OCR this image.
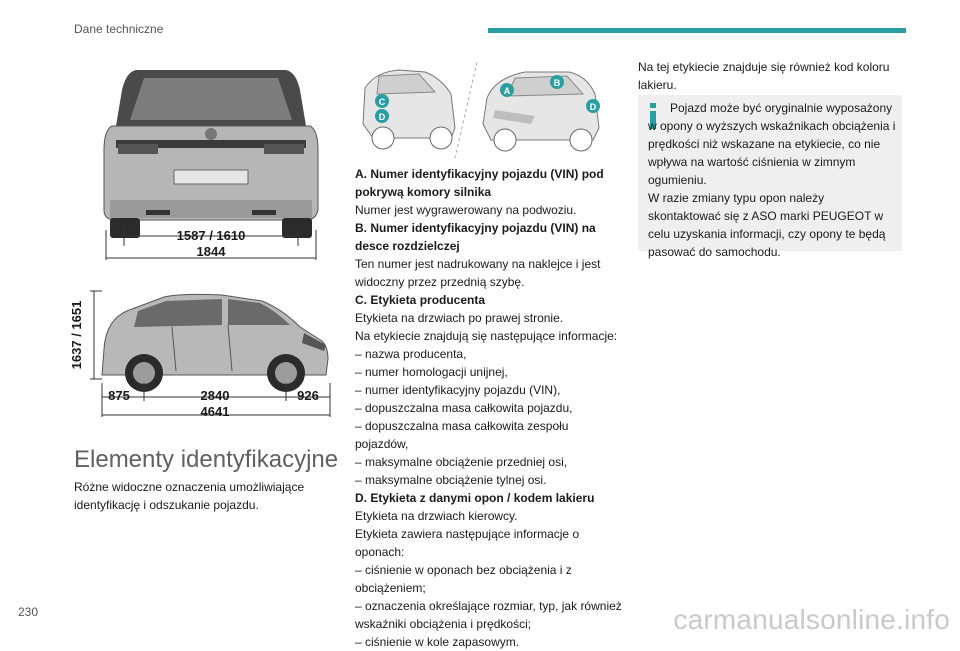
Dane techniczne
1587 / 1610
1844
1637 / 1651
875	2840	926
4641
Elementy identyfikacyjne
Różne widoczne oznaczenia umożliwiające identyfikację i odszukanie pojazdu.
C
D
A
B
D

A. Numer identyfikacyjny pojazdu (VIN) pod pokrywą komory silnika

Numer jest wygrawerowany na podwoziu.

B. Numer identyfikacyjny pojazdu (VIN) na desce rozdzielczej

Ten numer jest nadrukowany na naklejce i jest widoczny przez przednią szybę.

C. Etykieta producenta

Etykieta na drzwiach po prawej stronie.

Na etykiecie znajdują się następujące informacje:

– nazwa producenta,

– numer homologacji unijnej,

– numer identyfikacyjny pojazdu (VIN),

– dopuszczalna masa całkowita pojazdu,

– dopuszczalna masa całkowita zespołu pojazdów,

– maksymalne obciążenie przedniej osi,

– maksymalne obciążenie tylnej osi.

D. Etykieta z danymi opon / kodem lakieru

Etykieta na drzwiach kierowcy.

Etykieta zawiera następujące informacje o oponach:

– ciśnienie w oponach bez obciążenia i z obciążeniem;

– oznaczenia określające rozmiar, typ, jak również wskaźniki obciążenia i prędkości;

– ciśnienie w kole zapasowym.

Na tej etykiecie znajduje się również kod koloru lakieru.

Pojazd może być oryginalnie wyposażony w opony o wyższych wskaźnikach obciążenia i prędkości niż wskazane na etykiecie, co nie wpływa na wartość ciśnienia w zimnym ogumieniu.

W razie zmiany typu opon należy skontaktować się z ASO marki PEUGEOT w celu uzyskania informacji, czy opony te będą pasować do samochodu.

230	carmanualsonline.info
